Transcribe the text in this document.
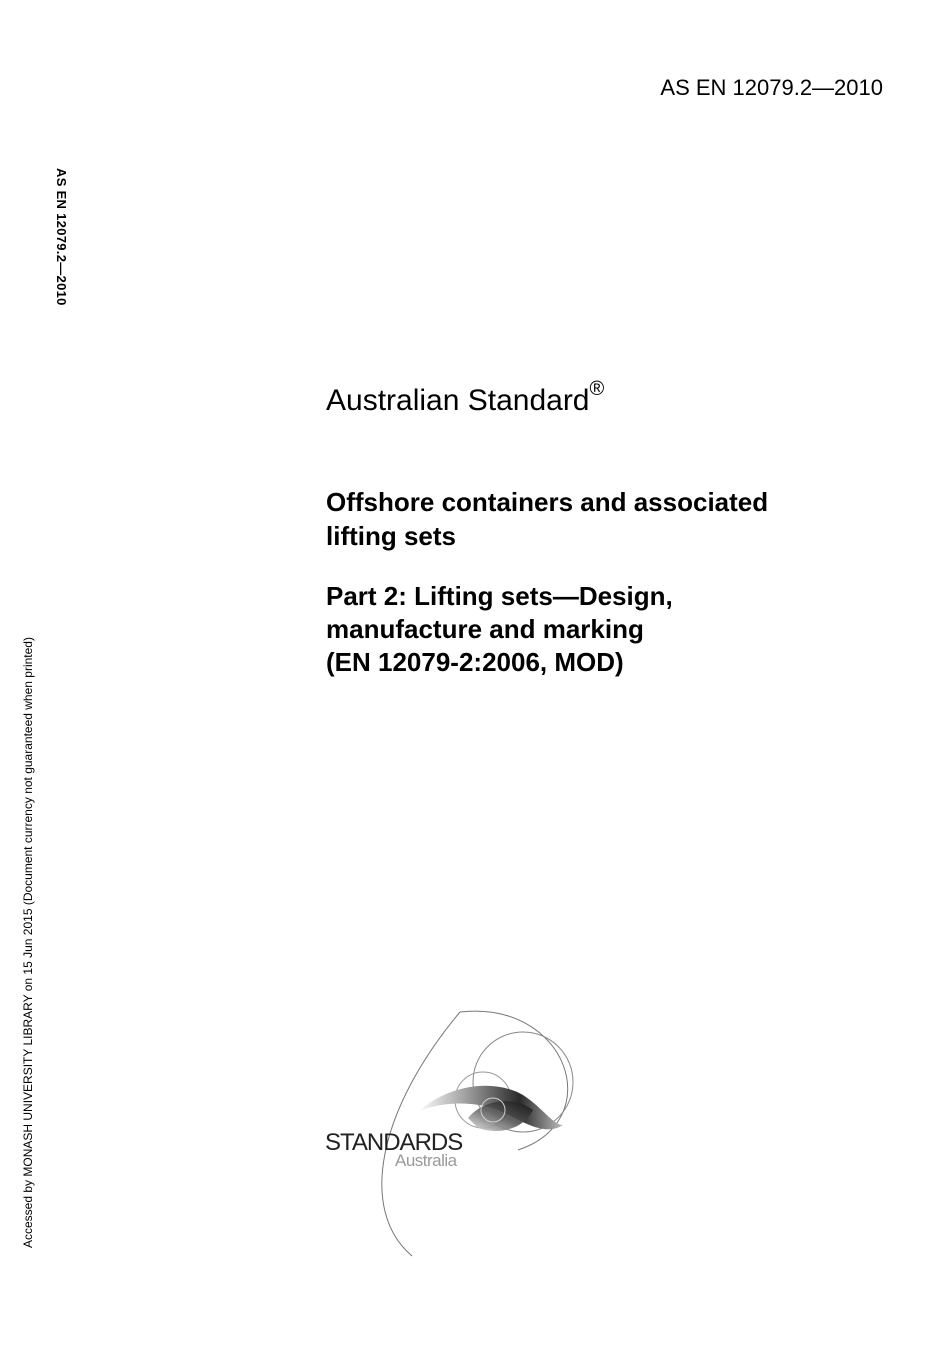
AS EN 12079.2—2010
AS EN 12079.2—2010
Accessed by MONASH UNIVERSITY LIBRARY on 15 Jun 2015 (Document currency not guaranteed when printed)
Australian Standard®
Offshore containers and associated
lifting sets
Part 2: Lifting sets—Design,
manufacture and marking
(EN 12079-2:2006, MOD)
STANDARDS
Australia
